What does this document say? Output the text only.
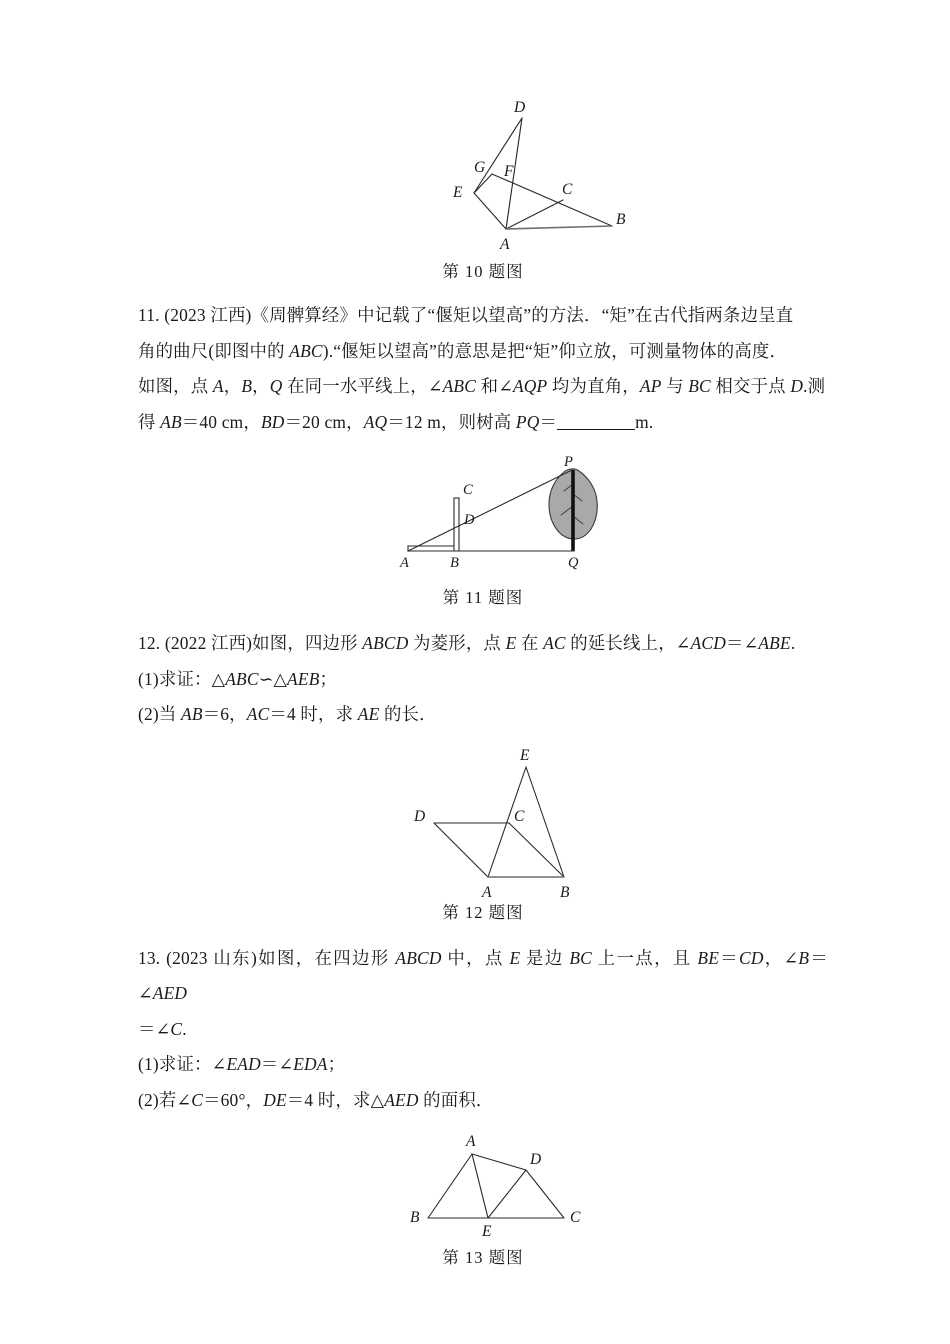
D
G F
E	C
A
B
第 10 题图
11. (2023 江西)《周髀算经》中记载了“偃矩以望高”的方法．“矩”在古代指两条边呈直
角的曲尺(即图中的 ABC).“偃矩以望高”的意思是把“矩”仰立放，可测量物体的高度．
如图，点 A，B，Q 在同一水平线上，∠ABC 和∠AQP 均为直角，AP 与 BC 相交于点 D.测
得 AB＝40 cm，BD＝20 cm，AQ＝12 m，则树高 PQ＝	m.
P
C
D
A	B	Q
第 11 题图
12. (2022 江西)如图，四边形 ABCD 为菱形，点 E 在 AC 的延长线上，∠ACD＝∠ABE.
(1)求证：△ABC∽△AEB；
(2)当 AB＝6，AC＝4 时，求 AE 的长．
E
D	C
A	B
第 12 题图
13. (2023 山东)如图，在四边形 ABCD 中，点 E 是边 BC 上一点，且 BE＝CD，∠B＝∠AED
＝∠C.
(1)求证：∠EAD＝∠EDA；
(2)若∠C＝60°，DE＝4 时，求△AED 的面积．
A
D
B
E
C
第 13 题图
